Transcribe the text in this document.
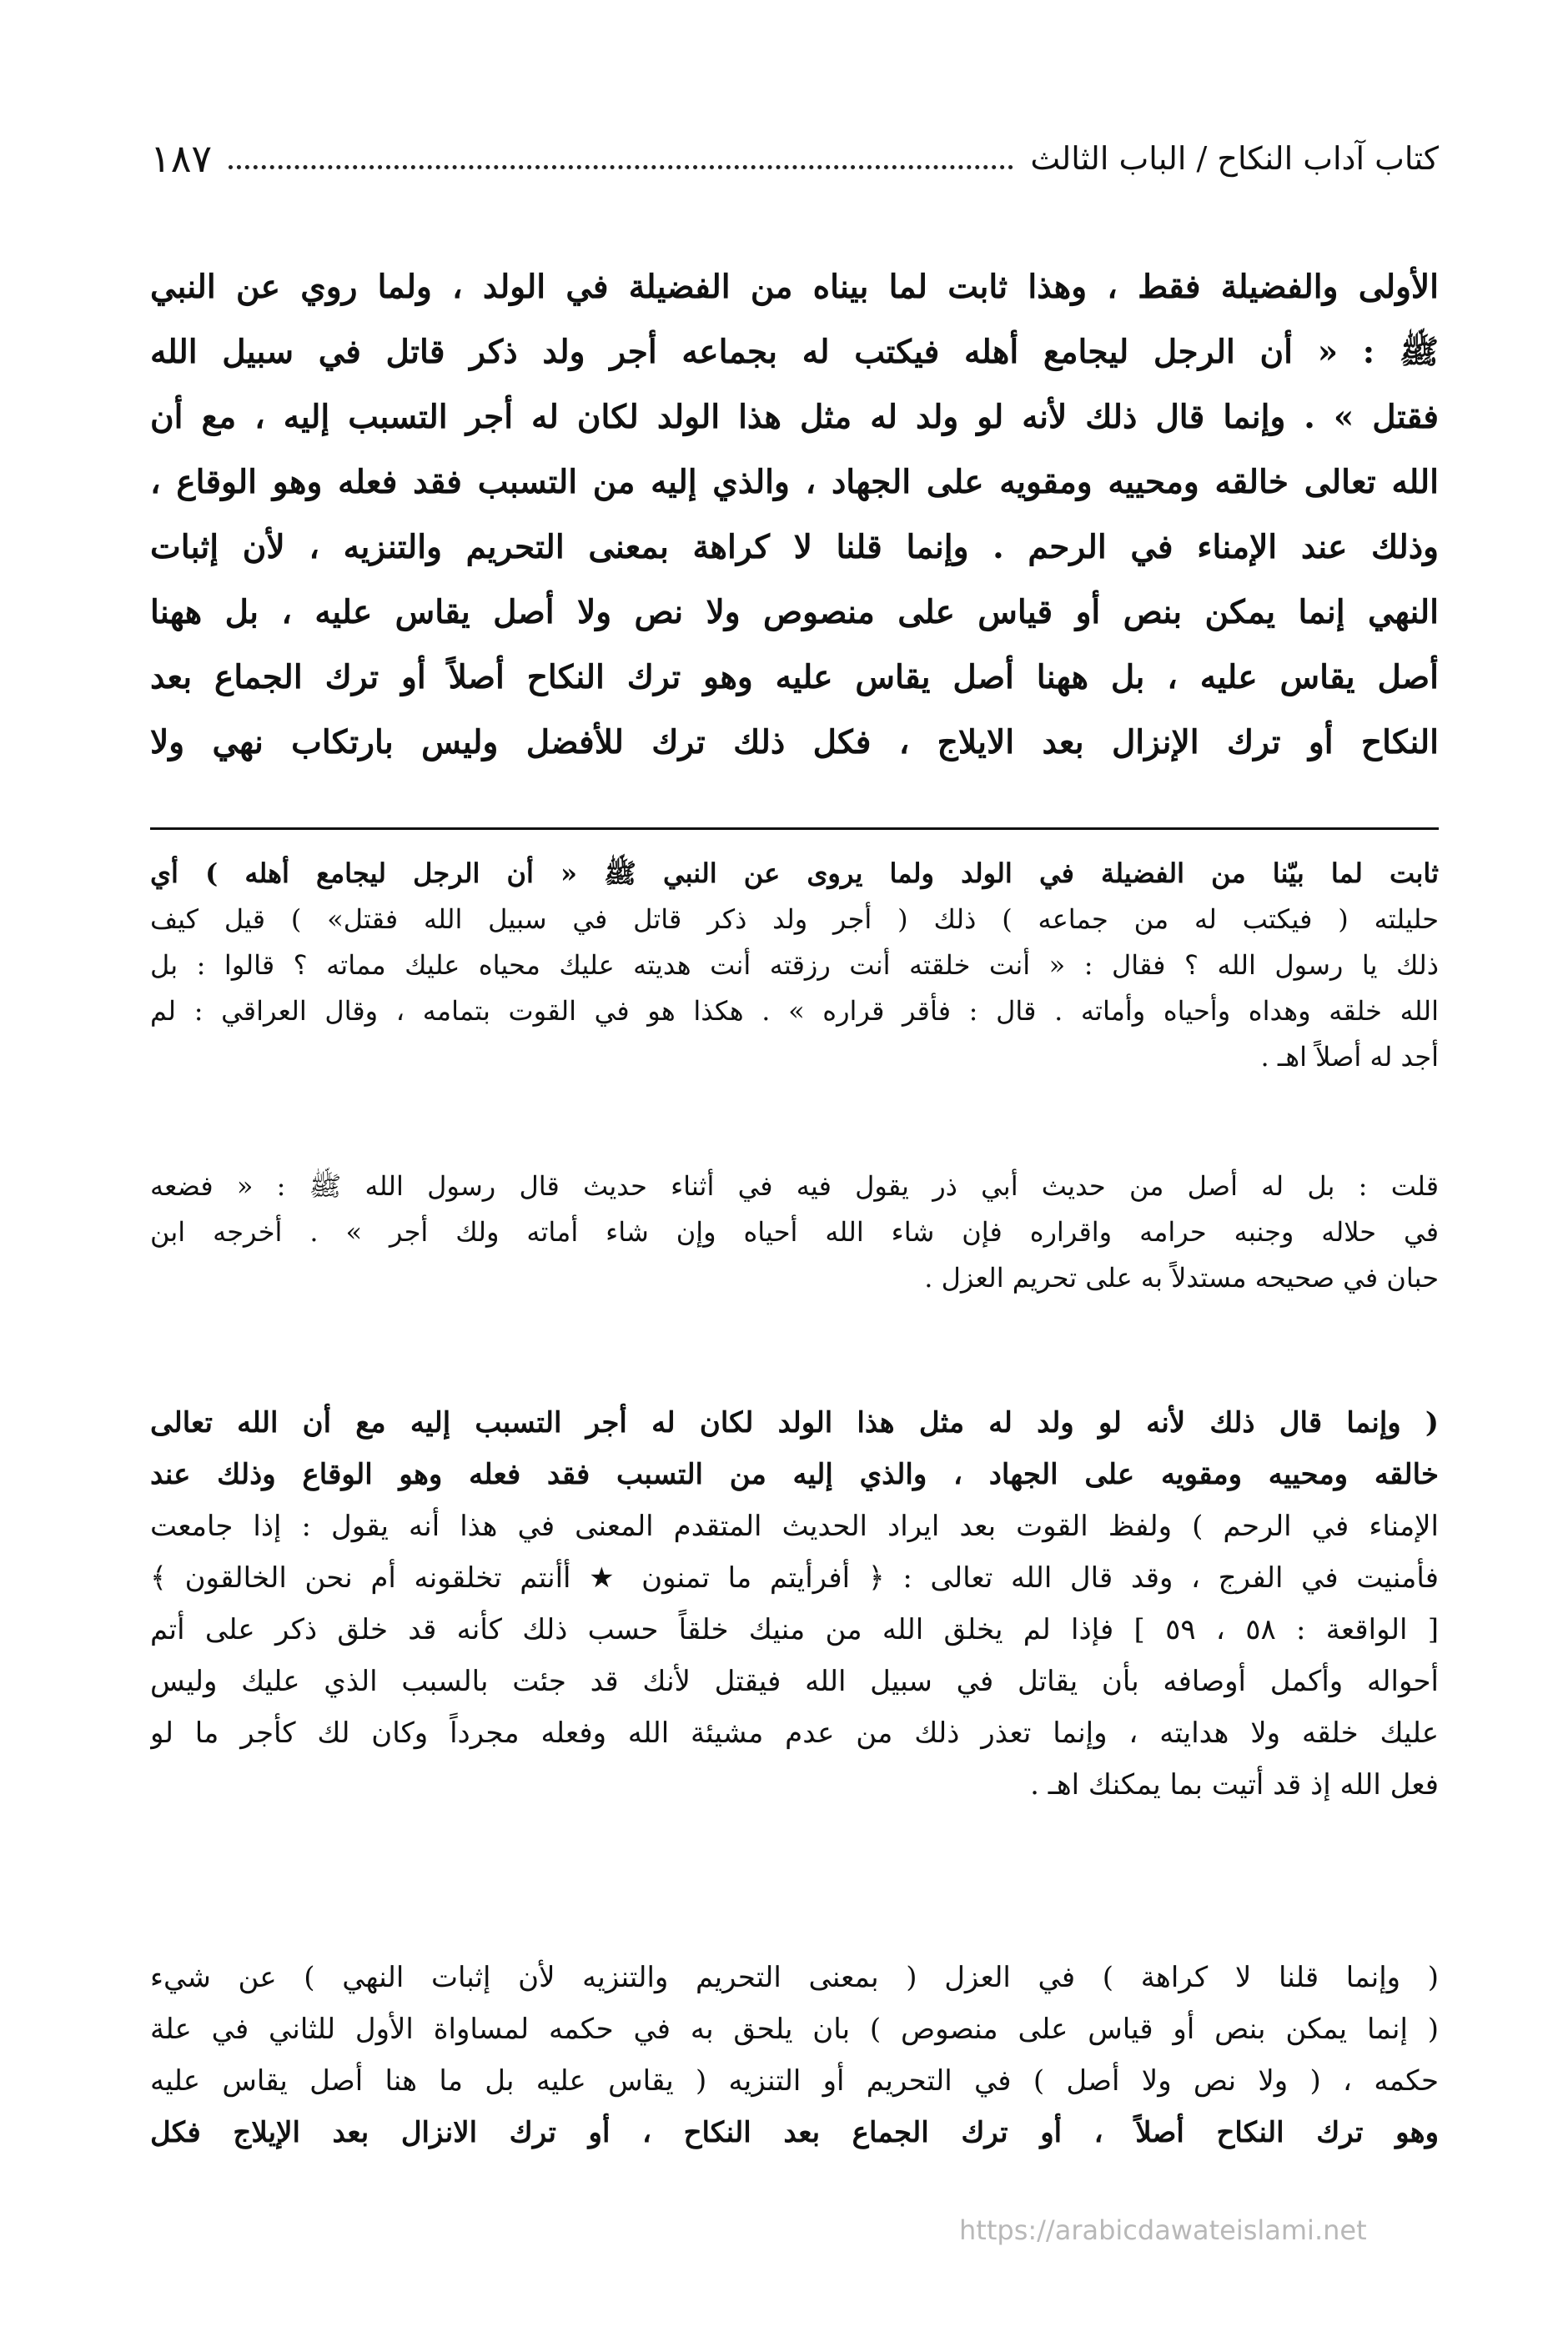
١٨٧	كتاب آداب النكاح / الباب الثالث
الأولى والفضيلة فقط ، وهذا ثابت لما بيناه من الفضيلة في الولد ، ولما روي عن النبي
ﷺ : « أن الرجل ليجامع أهله فيكتب له بجماعه أجر ولد ذكر قاتل في سبيل الله
فقتل » . وإنما قال ذلك لأنه لو ولد له مثل هذا الولد لكان له أجر التسبب إليه ، مع أن
الله تعالى خالقه ومحييه ومقويه على الجهاد ، والذي إليه من التسبب فقد فعله وهو الوقاع ،
وذلك عند الإمناء في الرحم . وإنما قلنا لا كراهة بمعنى التحريم والتنزيه ، لأن إثبات
النهي إنما يمكن بنص أو قياس على منصوص ولا نص ولا أصل يقاس عليه ، بل ههنا
أصل يقاس عليه ، بل ههنا أصل يقاس عليه وهو ترك النكاح أصلاً أو ترك الجماع بعد
النكاح أو ترك الإنزال بعد الايلاج ، فكل ذلك ترك للأفضل وليس بارتكاب نهي ولا
ثابت لما بيّنا من الفضيلة في الولد ولما يروى عن النبي ﷺ « أن الرجل ليجامع أهله ) أي
حليلته ( فيكتب له من جماعه ) ذلك ( أجر ولد ذكر قاتل في سبيل الله فقتل» ) قيل كيف
ذلك يا رسول الله ؟ فقال : « أنت خلقته أنت رزقته أنت هديته عليك محياه عليك مماته ؟ قالوا : بل
الله خلقه وهداه وأحياه وأماته . قال : فأقر قراره » . هكذا هو في القوت بتمامه ، وقال العراقي : لم
أجد له أصلاً اهـ .
قلت : بل له أصل من حديث أبي ذر يقول فيه في أثناء حديث قال رسول الله ﷺ : « فضعه
في حلاله وجنبه حرامه واقراره فإن شاء الله أحياه وإن شاء أماته ولك أجر » . أخرجه ابن
حبان في صحيحه مستدلاً به على تحريم العزل .
( وإنما قال ذلك لأنه لو ولد له مثل هذا الولد لكان له أجر التسبب إليه مع أن الله تعالى
خالقه ومحييه ومقويه على الجهاد ، والذي إليه من التسبب فقد فعله وهو الوقاع وذلك عند
الإمناء في الرحم ) ولفظ القوت بعد ايراد الحديث المتقدم المعنى في هذا أنه يقول : إذا جامعت
فأمنيت في الفرج ، وقد قال الله تعالى : ﴿ أفرأيتم ما تمنون ★ أأنتم تخلقونه أم نحن الخالقون ﴾
[ الواقعة : ٥٨ ، ٥٩ ] فإذا لم يخلق الله من منيك خلقاً حسب ذلك كأنه قد خلق ذكر على أتم
أحواله وأكمل أوصافه بأن يقاتل في سبيل الله فيقتل لأنك قد جئت بالسبب الذي عليك وليس
عليك خلقه ولا هدايته ، وإنما تعذر ذلك من عدم مشيئة الله وفعله مجرداً وكان لك كأجر ما لو
فعل الله إذ قد أتيت بما يمكنك اهـ .
( وإنما قلنا لا كراهة ) في العزل ( بمعنى التحريم والتنزيه لأن إثبات النهي ) عن شيء
( إنما يمكن بنص أو قياس على منصوص ) بان يلحق به في حكمه لمساواة الأول للثاني في علة
حكمه ، ( ولا نص ولا أصل ) في التحريم أو التنزيه ( يقاس عليه بل ما هنا أصل يقاس عليه
وهو ترك النكاح أصلاً ، أو ترك الجماع بعد النكاح ، أو ترك الانزال بعد الإيلاج فكل
https://arabicdawateislami.net
